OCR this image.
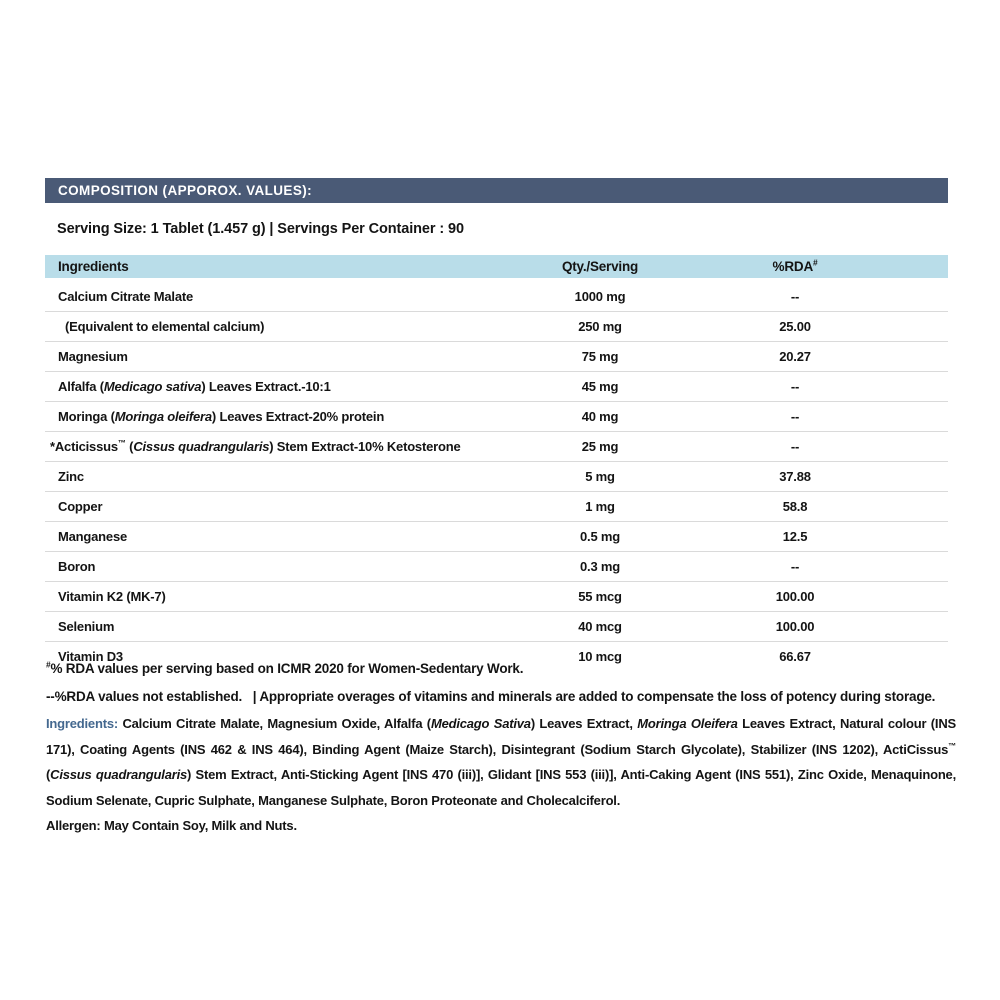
COMPOSITION (APPOROX. VALUES):
Serving Size: 1 Tablet (1.457 g) | Servings Per Container : 90
Ingredients	Qty./Serving	%RDA#
Calcium Citrate Malate	1000 mg	--
(Equivalent to elemental calcium)	250 mg	25.00
Magnesium	75 mg	20.27
Alfalfa (Medicago sativa) Leaves Extract.-10:1	45 mg	--
Moringa (Moringa oleifera) Leaves Extract-20% protein	40 mg	--
*Acticissus™ (Cissus quadrangularis) Stem Extract-10% Ketosterone	25 mg	--
Zinc	5 mg	37.88
Copper	1 mg	58.8
Manganese	0.5 mg	12.5
Boron	0.3 mg	--
Vitamin K2 (MK-7)	55 mcg	100.00
Selenium	40 mcg	100.00
Vitamin D3	10 mcg	66.67
#% RDA values per serving based on ICMR 2020 for Women-Sedentary Work.
--%RDA values not established.   | Appropriate overages of vitamins and minerals are added to compensate the loss of potency during storage.

Ingredients: Calcium Citrate Malate, Magnesium Oxide, Alfalfa (Medicago Sativa) Leaves Extract, Moringa Oleifera Leaves Extract, Natural colour (INS 171), Coating Agents (INS 462 & INS 464), Binding Agent (Maize Starch), Disintegrant (Sodium Starch Glycolate), Stabilizer (INS 1202), ActiCissus™ (Cissus quadrangularis) Stem Extract, Anti-Sticking Agent [INS 470 (iii)], Glidant [INS 553 (iii)], Anti-Caking Agent (INS 551), Zinc Oxide, Menaquinone, Sodium Selenate, Cupric Sulphate, Manganese Sulphate, Boron Proteonate and Cholecalciferol.

Allergen: May Contain Soy, Milk and Nuts.
